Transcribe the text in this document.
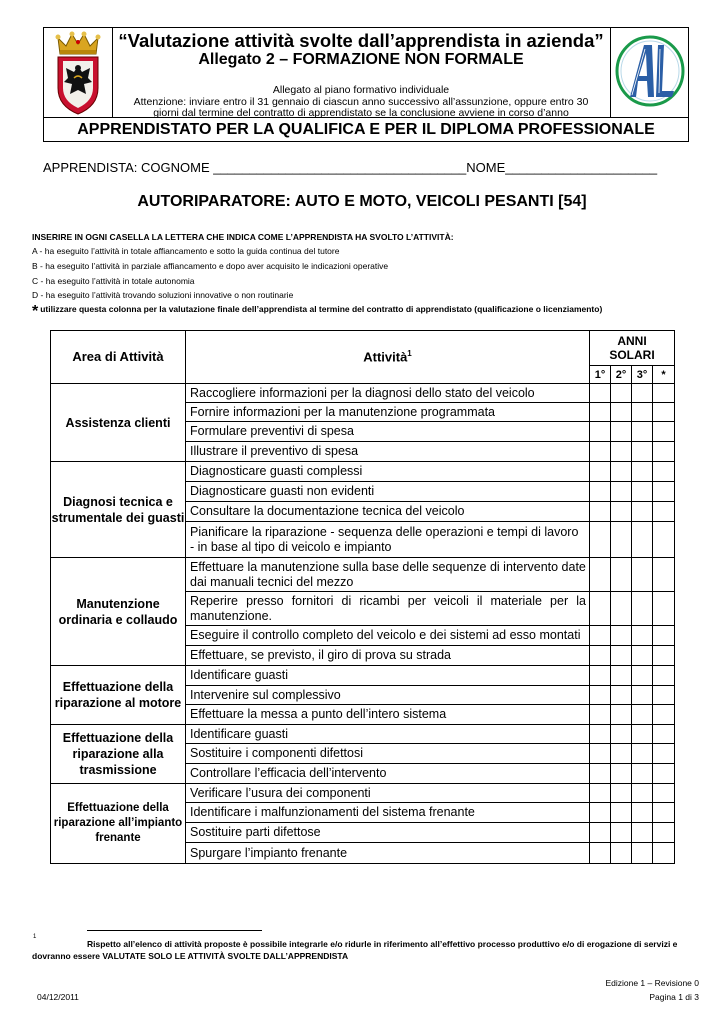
“Valutazione attività svolte dall’apprendista in azienda”
Allegato 2 – FORMAZIONE NON FORMALE
Allegato al piano formativo individuale
Attenzione: inviare entro il 31 gennaio di ciascun anno successivo all’assunzione, oppure entro 30
giorni dal termine del contratto di apprendistato se la conclusione avviene in corso d’anno
APPRENDISTATO PER LA QUALIFICA E PER IL DIPLOMA PROFESSIONALE
APPRENDISTA: COGNOME ___________________________________NOME_____________________
AUTORIPARATORE: AUTO E MOTO, VEICOLI PESANTI [54]
INSERIRE IN OGNI CASELLA LA LETTERA CHE INDICA COME L’APPRENDISTA HA SVOLTO L’ATTIVITÀ:
A - ha eseguito l’attività in totale affiancamento e sotto la guida continua del tutore
B - ha eseguito l’attività in parziale affiancamento e dopo aver acquisito le indicazioni operative
C - ha eseguito l’attività in totale autonomia
D - ha eseguito l’attività trovando soluzioni innovative o non routinarie
* utilizzare questa colonna per la valutazione finale dell’apprendista al termine del contratto di apprendistato (qualificazione o licenziamento)
Area di Attività	Attività$^1$	ANNI SOLARI			
		1°	2°	3°	*
Assistenza clienti	Raccogliere informazioni per la diagnosi dello stato del veicolo				
	Fornire informazioni per la manutenzione programmata				
	Formulare preventivi di spesa				
	Illustrare il preventivo di spesa				
Diagnosi tecnica e strumentale dei guasti	Diagnosticare guasti complessi				
	Diagnosticare guasti non evidenti				
	Consultare la documentazione tecnica del veicolo				
	Pianificare la riparazione - sequenza delle operazioni e tempi di lavoro - in base al tipo di veicolo e impianto				
Manutenzione ordinaria e collaudo	Effettuare la manutenzione sulla base delle sequenze di intervento date dai manuali tecnici del mezzo				
	Reperire presso fornitori di ricambi per veicoli il materiale per la manutenzione.				
	Eseguire il controllo completo del veicolo e dei sistemi ad esso montati				
	Effettuare, se previsto, il giro di prova su strada				
Effettuazione della riparazione al motore	Identificare guasti				
	Intervenire sul complessivo				
	Effettuare la messa a punto dell’intero sistema				
Effettuazione della riparazione alla trasmissione	Identificare guasti				
	Sostituire i componenti difettosi				
	Controllare l’efficacia dell’intervento				
Effettuazione della riparazione all’impianto frenante	Verificare l’usura dei componenti				
	Identificare i malfunzionamenti del sistema frenante				
	Sostituire parti difettose				
	Spurgare l’impianto frenante				
1
Rispetto all’elenco di attività proposte è possibile integrarle e/o ridurle in riferimento all’effettivo processo produttivo e/o di erogazione di servizi e dovranno essere VALUTATE SOLO LE ATTIVITÀ SVOLTE DALL’APPRENDISTA
Edizione 1 – Revisione 0
Pagina 1 di 3
04/12/2011
